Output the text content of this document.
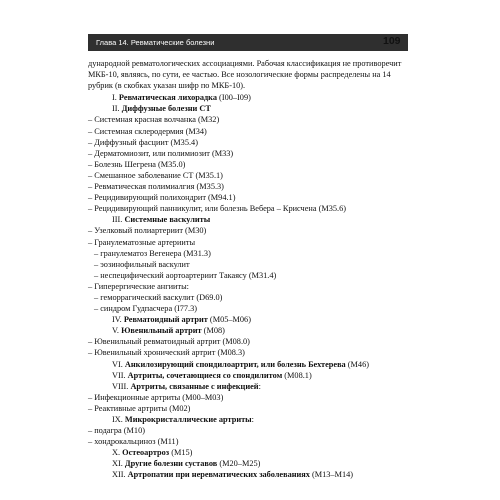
Глава 14. Ревматические болезни	109

дународной ревматологических ассоциациями. Рабочая классификация не противоречит МКБ-10, являясь, по сути, ее частью. Все нозологические формы распределены на 14 рубрик (в скобках указан шифр по МКБ-10).

I. Ревматическая лихорадка (I00–I09)
II. Диффузные болезни СТ
– Системная красная волчанка (M32)
– Системная склеродермия (M34)
– Диффузный фасциит (M35.4)
– Дерматомиозит, или полимиозит (M33)
– Болезнь Шегрена (M35.0)
– Смешанное заболевание СТ (M35.1)
– Ревматическая полимиалгия (M35.3)
– Рецидивирующий полихондрит (M94.1)
– Рецидивирующий панникулит, или болезнь Вебера – Крисчена (M35.6)
III. Системные васкулиты
– Узелковый полиартериит (M30)
– Гранулематозные артерииты
– гранулематоз Вегенера (M31.3)
– эозинофильный васкулит
– неспецифический аортоартериит Такаясу (M31.4)
– Гиперергические ангииты:
– геморрагический васкулит (D69.0)
– синдром Гудпасчера (I77.3)
IV. Ревматоидный артрит (M05–M06)
V. Ювенильный артрит (M08)
– Ювенильный ревматоидный артрит (M08.0)
– Ювенильный хронический артрит (M08.3)
VI. Анкилозирующий спондилоартрит, или болезнь Бехтерева (M46)
VII. Артриты, сочетающиеся со спондилитом (M08.1)
VIII. Артриты, связанные с инфекцией:
– Инфекционные артриты (M00–M03)
– Реактивные артриты (M02)
IX. Микрокристаллические артриты:
– подагра (M10)
– хондрокальциноз (M11)
X. Остеоартроз (M15)
XI. Другие болезни суставов (M20–M25)
XII. Артропатии при неревматических заболеваниях (M13–M14)
